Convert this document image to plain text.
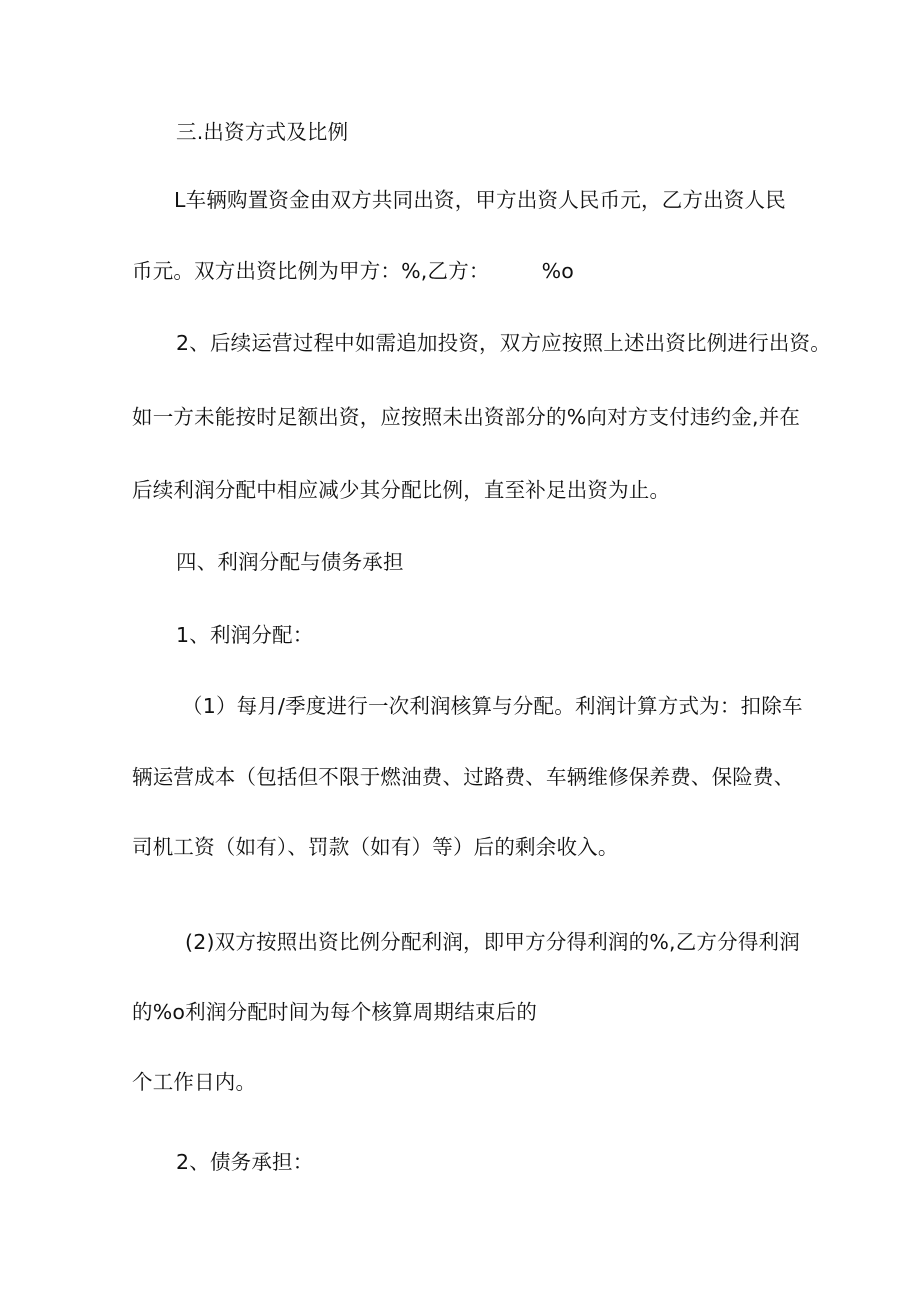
三.出资方式及比例
L车辆购置资金由双方共同出资，甲方出资人民币元，乙方出资人民
币元。双方出资比例为甲方：%,乙方：	%o
2、后续运营过程中如需追加投资，双方应按照上述出资比例进行出资。
如一方未能按时足额出资，应按照未出资部分的%向对方支付违约金,并在
后续利润分配中相应减少其分配比例，直至补足出资为止。
四、利润分配与债务承担
1、利润分配：
（1）每月/季度进行一次利润核算与分配。利润计算方式为：扣除车
辆运营成本（包括但不限于燃油费、过路费、车辆维修保养费、保险费、
司机工资（如有）、罚款（如有）等）后的剩余收入。
(2)双方按照出资比例分配利润，即甲方分得利润的%,乙方分得利润
的%o利润分配时间为每个核算周期结束后的
个工作日内。
2、债务承担：
